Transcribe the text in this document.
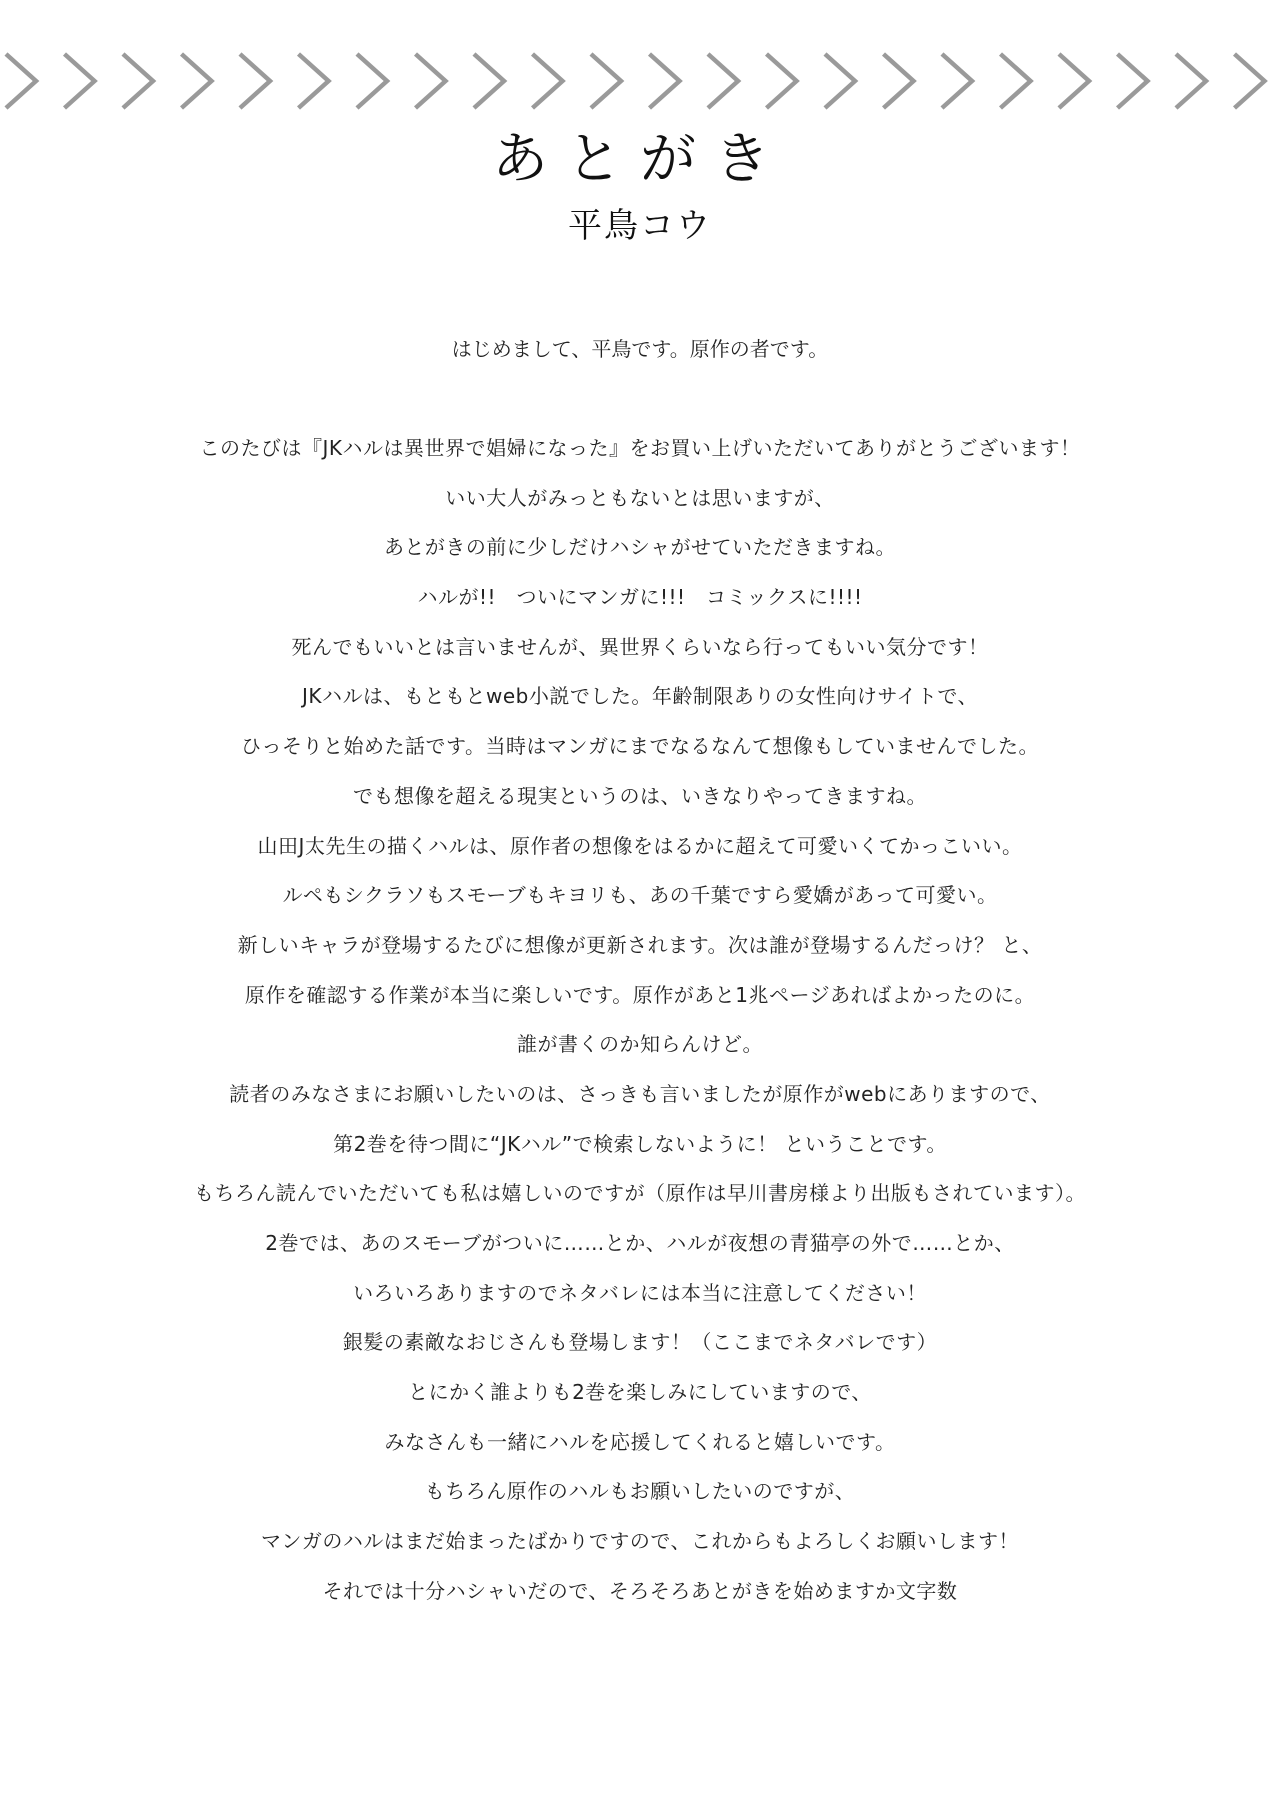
あとがき
平鳥コウ
はじめまして、平鳥です。原作の者です。
このたびは『JKハルは異世界で娼婦になった』をお買い上げいただいてありがとうございます！
いい大人がみっともないとは思いますが、
あとがきの前に少しだけハシャがせていただきますね。
ハルが!!　ついにマンガに!!!　コミックスに!!!!
死んでもいいとは言いませんが、異世界くらいなら行ってもいい気分です！
JKハルは、もともとweb小説でした。年齢制限ありの女性向けサイトで、
ひっそりと始めた話です。当時はマンガにまでなるなんて想像もしていませんでした。
でも想像を超える現実というのは、いきなりやってきますね。
山田J太先生の描くハルは、原作者の想像をはるかに超えて可愛いくてかっこいい。
ルペもシクラソもスモーブもキヨリも、あの千葉ですら愛嬌があって可愛い。
新しいキャラが登場するたびに想像が更新されます。次は誰が登場するんだっけ？ と、
原作を確認する作業が本当に楽しいです。原作があと1兆ページあればよかったのに。
誰が書くのか知らんけど。
読者のみなさまにお願いしたいのは、さっきも言いましたが原作がwebにありますので、
第2巻を待つ間に“JKハル”で検索しないように！ ということです。
もちろん読んでいただいても私は嬉しいのですが（原作は早川書房様より出版もされています）。
2巻では、あのスモーブがついに……とか、ハルが夜想の青猫亭の外で……とか、
いろいろありますのでネタバレには本当に注意してください！
銀髪の素敵なおじさんも登場します！（ここまでネタバレです）
とにかく誰よりも2巻を楽しみにしていますので、
みなさんも一緒にハルを応援してくれると嬉しいです。
もちろん原作のハルもお願いしたいのですが、
マンガのハルはまだ始まったばかりですので、これからもよろしくお願いします！
それでは十分ハシャいだので、そろそろあとがきを始めますか文字数
